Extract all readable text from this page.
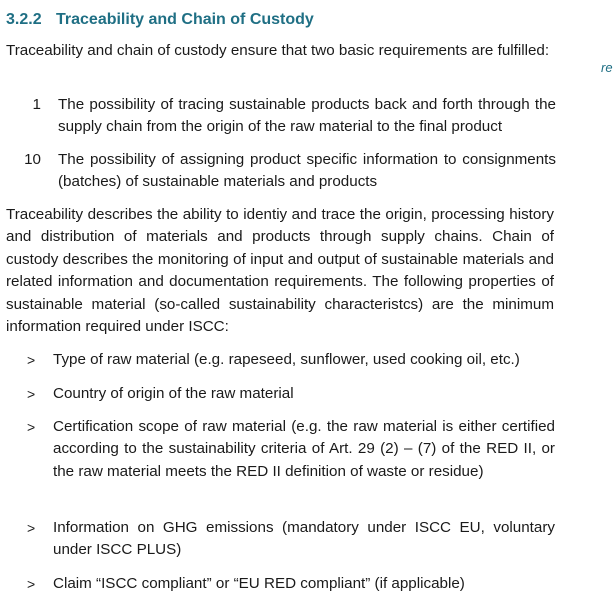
3.2.2 Traceability and Chain of Custody
re
Traceability and chain of custody ensure that two basic requirements are fulfilled:
1 The possibility of tracing sustainable products back and forth through the supply chain from the origin of the raw material to the final product
10 The possibility of assigning product specific information to consignments (batches) of sustainable materials and products
Traceability describes the ability to identiy and trace the origin, processing history and distribution of materials and products through supply chains. Chain of custody describes the monitoring of input and output of sustainable materials and related information and documentation requirements. The following properties of sustainable material (so-called sustainability characteristcs) are the minimum information required under ISCC:
> Type of raw material (e.g. rapeseed, sunflower, used cooking oil, etc.)
> Country of origin of the raw material
> Certification scope of raw material (e.g. the raw material is either certified according to the sustainability criteria of Art. 29 (2) – (7) of the RED II, or the raw material meets the RED II definition of waste or residue)
> Information on GHG emissions (mandatory under ISCC EU, voluntary under ISCC PLUS)
> Claim “ISCC compliant” or “EU RED compliant” (if applicable)
